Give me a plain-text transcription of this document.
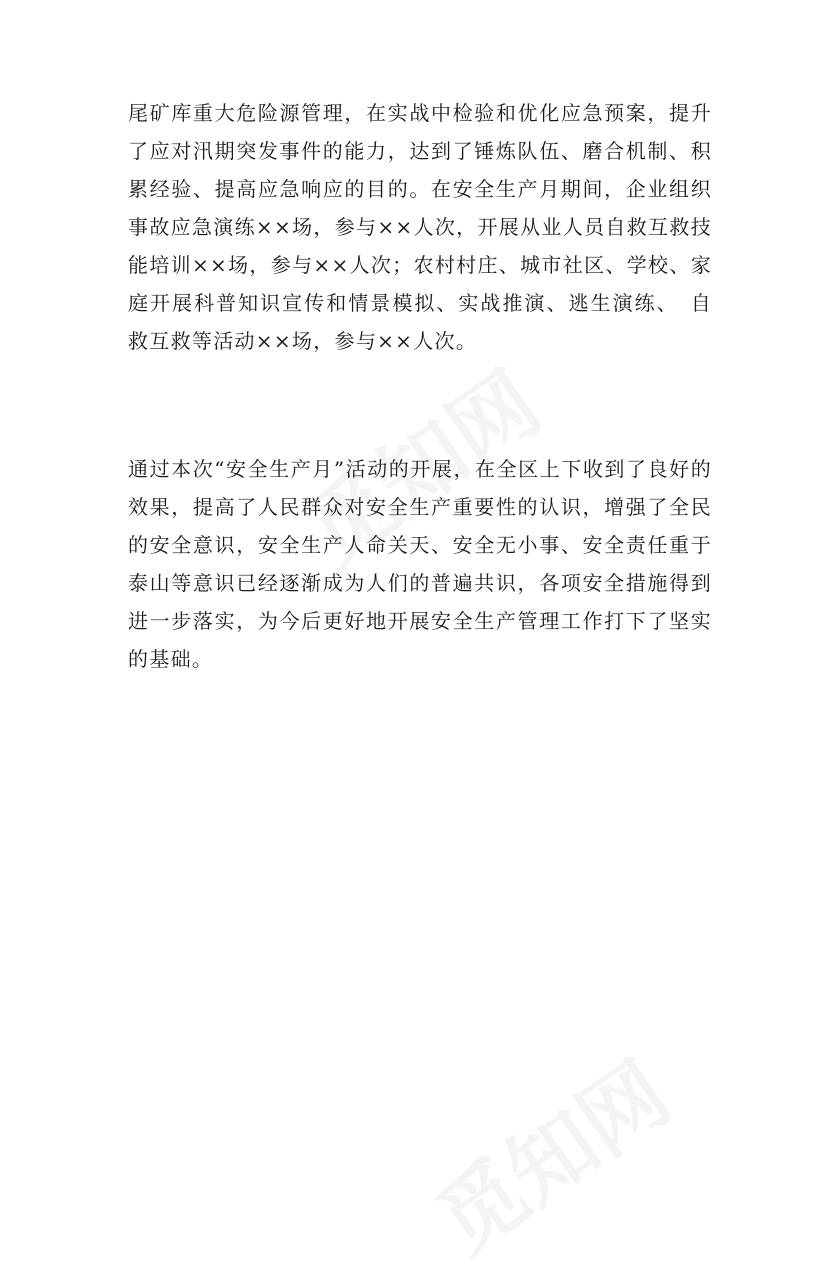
尾矿库重大危险源管理，在实战中检验和优化应急预案，提升了应对汛期突发事件的能力，达到了锤炼队伍、磨合机制、积累经验、提高应急响应的目的。在安全生产月期间，企业组织事故应急演练××场，参与××人次，开展从业人员自救互救技能培训××场，参与××人次；农村村庄、城市社区、学校、家庭开展科普知识宣传和情景模拟、实战推演、逃生演练、　自救互救等活动××场，参与××人次。

通过本次“安全生产月”活动的开展，在全区上下收到了良好的效果，提高了人民群众对安全生产重要性的认识，增强了全民的安全意识，安全生产人命关天、安全无小事、安全责任重于泰山等意识已经逐渐成为人们的普遍共识，各项安全措施得到进一步落实，为今后更好地开展安全生产管理工作打下了坚实的基础。
